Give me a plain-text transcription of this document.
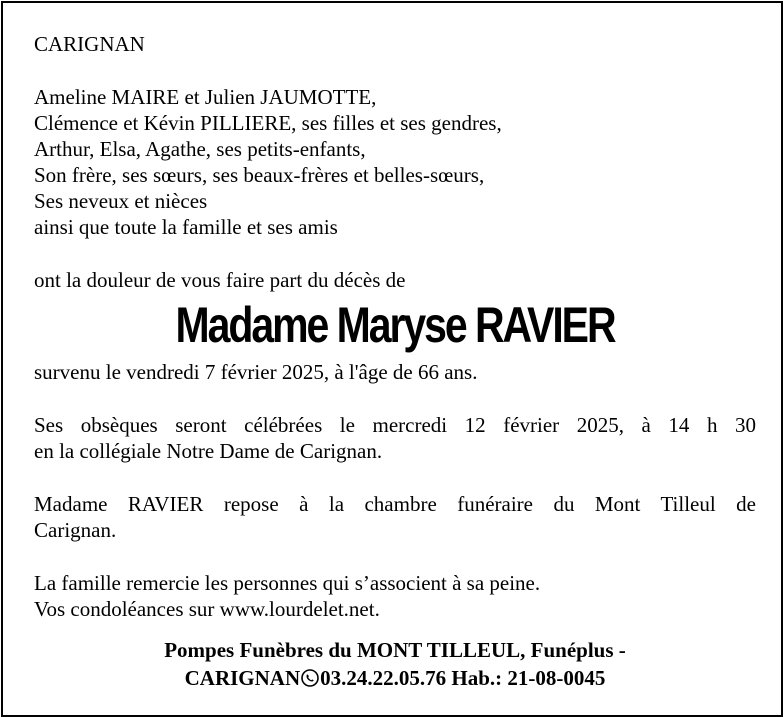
CARIGNAN

Ameline MAIRE et Julien JAUMOTTE,
Clémence et Kévin PILLIERE, ses filles et ses gendres,
Arthur, Elsa, Agathe, ses petits-enfants,
Son frère, ses sœurs, ses beaux-frères et belles-sœurs,
Ses neveux et nièces
ainsi que toute la famille et ses amis

ont la douleur de vous faire part du décès de

Madame Maryse RAVIER

survenu le vendredi 7 février 2025, à l'âge de 66 ans.

Ses obsèques seront célébrées le mercredi 12 février 2025, à 14 h 30
en la collégiale Notre Dame de Carignan.

Madame RAVIER repose à la chambre funéraire du Mont Tilleul de
Carignan.

La famille remercie les personnes qui s’associent à sa peine.
Vos condoléances sur www.lourdelet.net.

Pompes Funèbres du MONT TILLEUL, Funéplus -
CARIGNAN 03.24.22.05.76 Hab.: 21-08-0045
